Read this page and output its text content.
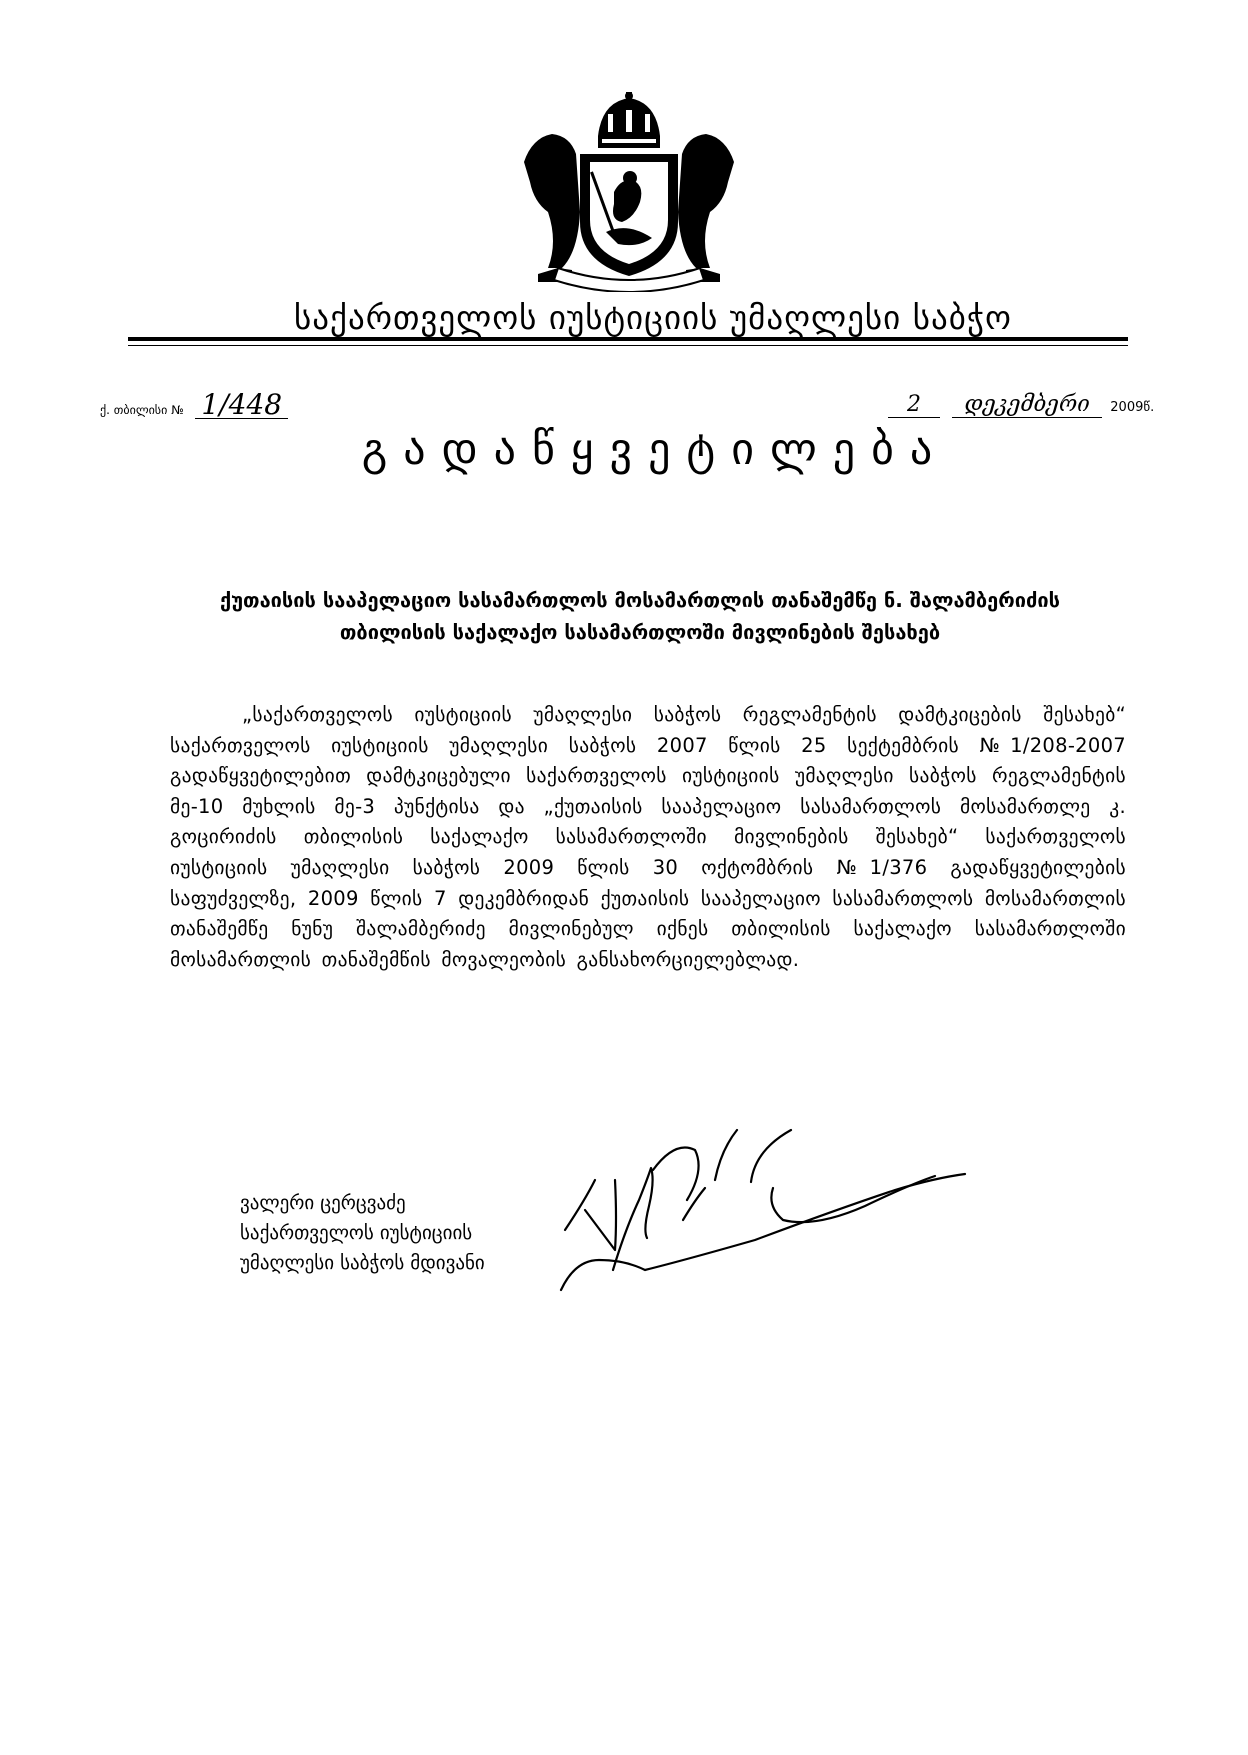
საქართველოს იუსტიციის უმაღლესი საბჭო
ქ. თბილისი № 1/448	2 დეკემბერი 2009წ.
გადაწყვეტილება
ქუთაისის სააპელაციო სასამართლოს მოსამართლის თანაშემწე ნ. შალამბერიძის
თბილისის საქალაქო სასამართლოში მივლინების შესახებ
„საქართველოს იუსტიციის უმაღლესი საბჭოს რეგლამენტის დამტკიცების შესახებ“ საქართველოს იუსტიციის უმაღლესი საბჭოს 2007 წლის 25 სექტემბრის №1/208-2007 გადაწყვეტილებით დამტკიცებული საქართველოს იუსტიციის უმაღლესი საბჭოს რეგლამენტის მე-10 მუხლის მე-3 პუნქტისა და „ქუთაისის სააპელაციო სასამართლოს მოსამართლე კ. გოცირიძის თბილისის საქალაქო სასამართლოში მივლინების შესახებ“ საქართველოს იუსტიციის უმაღლესი საბჭოს 2009 წლის 30 ოქტომბრის №1/376 გადაწყვეტილების საფუძველზე, 2009 წლის 7 დეკემბრიდან ქუთაისის სააპელაციო სასამართლოს მოსამართლის თანაშემწე ნუნუ შალამბერიძე მივლინებულ იქნეს თბილისის საქალაქო სასამართლოში მოსამართლის თანაშემწის მოვალეობის განსახორციელებლად.
ვალერი ცერცვაძე
საქართველოს იუსტიციის
უმაღლესი საბჭოს მდივანი
